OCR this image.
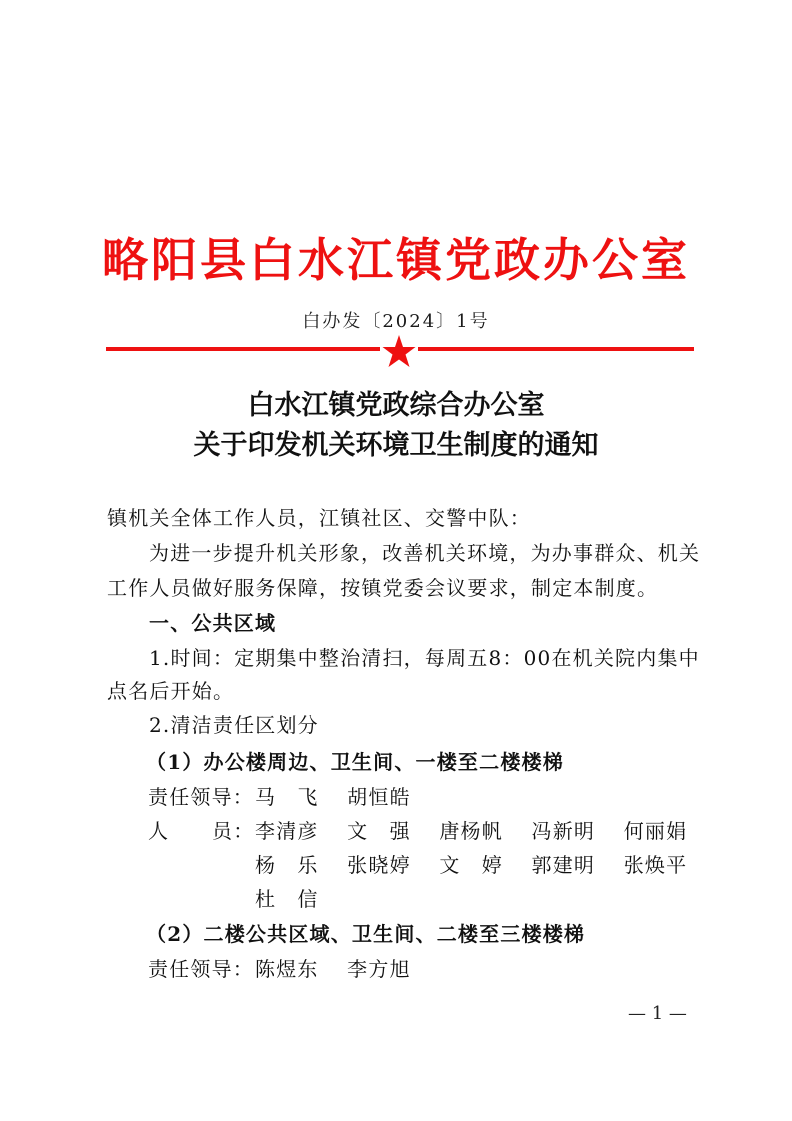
略阳县白水江镇党政办公室
白办发〔2024〕1号
白水江镇党政综合办公室
关于印发机关环境卫生制度的通知
镇机关全体工作人员，江镇社区、交警中队：
为进一步提升机关形象，改善机关环境，为办事群众、机关
工作人员做好服务保障，按镇党委会议要求，制定本制度。
一、公共区域
1.时间：定期集中整治清扫，每周五8：00在机关院内集中
点名后开始。
2.清洁责任区划分
（1）办公楼周边、卫生间、一楼至二楼楼梯
责任领导： 马　飞 胡恒皓
人 员： 李清彦 文　强 唐杨帆 冯新明 何丽娟
杨　乐 张晓婷 文　婷 郭建明 张焕平
杜　信
（2）二楼公共区域、卫生间、二楼至三楼楼梯
责任领导： 陈煜东 李方旭
— 1 —
